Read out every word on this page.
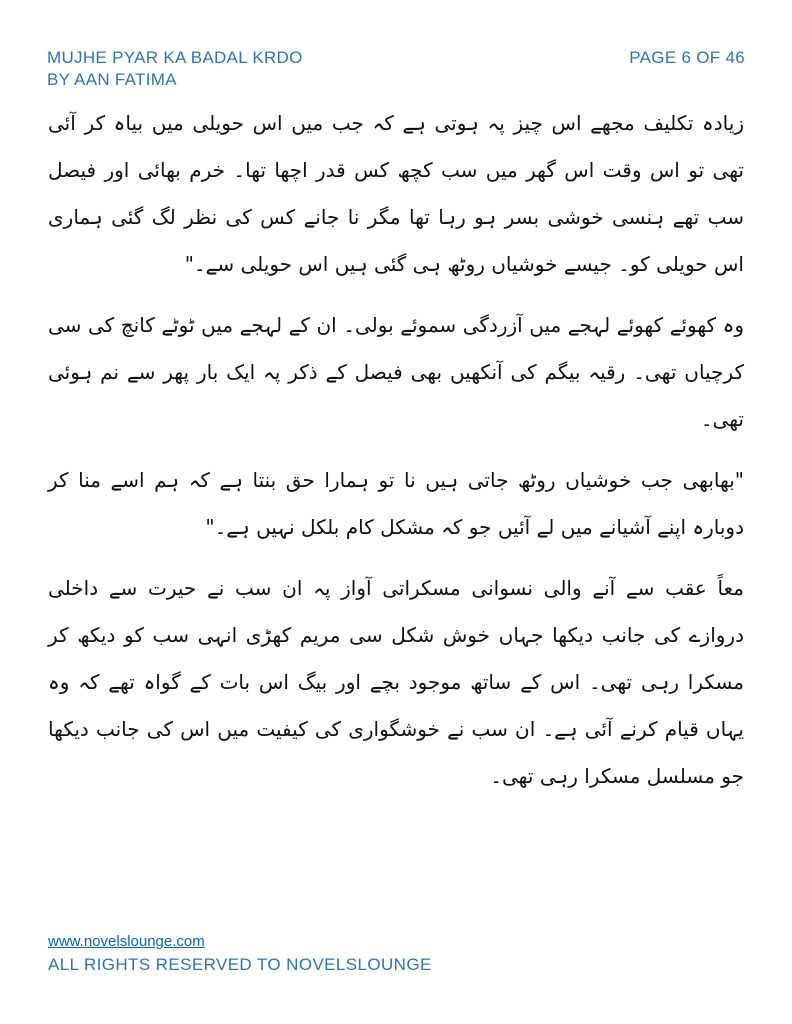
MUJHE PYAR KA BADAL KRDO
BY AAN FATIMA
PAGE 6 OF 46

زیادہ تکلیف مجھے اس چیز پہ ہوتی ہے کہ جب میں اس حویلی میں بیاہ کر آئی تھی تو اس وقت اس گھر میں سب کچھ کس قدر اچھا تھا۔ خرم بھائی اور فیصل سب تھے ہنسی خوشی بسر ہو رہا تھا مگر نا جانے کس کی نظر لگ گئی ہماری اس حویلی کو۔ جیسے خوشیاں روٹھ ہی گئی ہیں اس حویلی سے۔"

وہ کھوئے کھوئے لہجے میں آزردگی سموئے بولی۔ ان کے لہجے میں ٹوٹے کانچ کی سی کرچیاں تھی۔ رقیہ بیگم کی آنکھیں بھی فیصل کے ذکر پہ ایک بار پھر سے نم ہوئی تھی۔

"بھابھی جب خوشیاں روٹھ جاتی ہیں نا تو ہمارا حق بنتا ہے کہ ہم اسے منا کر دوبارہ اپنے آشیانے میں لے آئیں جو کہ مشکل کام بلکل نہیں ہے۔"

معاً عقب سے آنے والی نسوانی مسکراتی آواز پہ ان سب نے حیرت سے داخلی دروازے کی جانب دیکھا جہاں خوش شکل سی مریم کھڑی انہی سب کو دیکھ کر مسکرا رہی تھی۔ اس کے ساتھ موجود بچے اور بیگ اس بات کے گواہ تھے کہ وہ یہاں قیام کرنے آئی ہے۔ ان سب نے خوشگواری کی کیفیت میں اس کی جانب دیکھا جو مسلسل مسکرا رہی تھی۔

www.novelslounge.com
ALL RIGHTS RESERVED TO NOVELSLOUNGE
